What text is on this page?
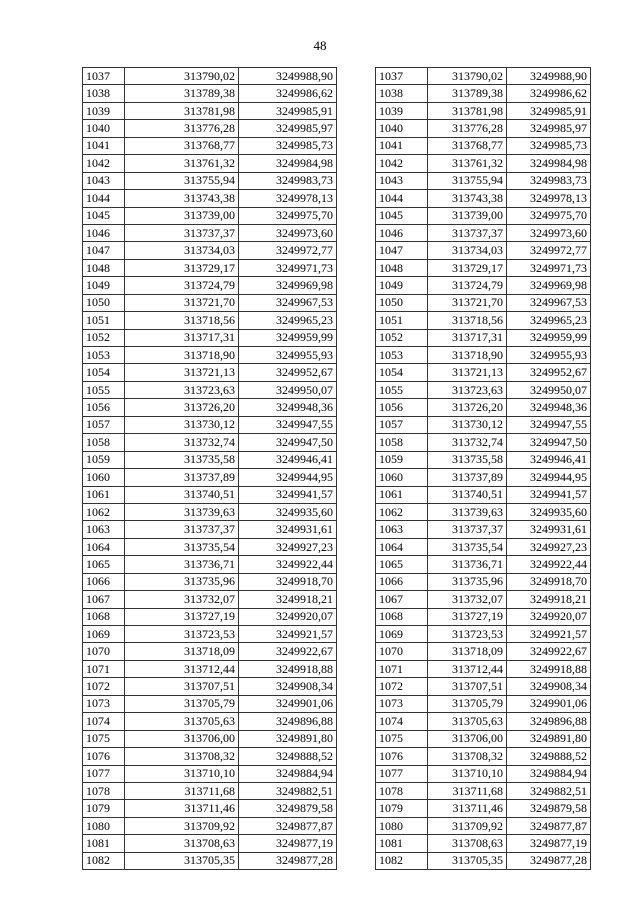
48
1037	313790,02	3249988,90
1038	313789,38	3249986,62
1039	313781,98	3249985,91
1040	313776,28	3249985,97
1041	313768,77	3249985,73
1042	313761,32	3249984,98
1043	313755,94	3249983,73
1044	313743,38	3249978,13
1045	313739,00	3249975,70
1046	313737,37	3249973,60
1047	313734,03	3249972,77
1048	313729,17	3249971,73
1049	313724,79	3249969,98
1050	313721,70	3249967,53
1051	313718,56	3249965,23
1052	313717,31	3249959,99
1053	313718,90	3249955,93
1054	313721,13	3249952,67
1055	313723,63	3249950,07
1056	313726,20	3249948,36
1057	313730,12	3249947,55
1058	313732,74	3249947,50
1059	313735,58	3249946,41
1060	313737,89	3249944,95
1061	313740,51	3249941,57
1062	313739,63	3249935,60
1063	313737,37	3249931,61
1064	313735,54	3249927,23
1065	313736,71	3249922,44
1066	313735,96	3249918,70
1067	313732,07	3249918,21
1068	313727,19	3249920,07
1069	313723,53	3249921,57
1070	313718,09	3249922,67
1071	313712,44	3249918,88
1072	313707,51	3249908,34
1073	313705,79	3249901,06
1074	313705,63	3249896,88
1075	313706,00	3249891,80
1076	313708,32	3249888,52
1077	313710,10	3249884,94
1078	313711,68	3249882,51
1079	313711,46	3249879,58
1080	313709,92	3249877,87
1081	313708,63	3249877,19
1082	313705,35	3249877,28
1037	313790,02	3249988,90
1038	313789,38	3249986,62
1039	313781,98	3249985,91
1040	313776,28	3249985,97
1041	313768,77	3249985,73
1042	313761,32	3249984,98
1043	313755,94	3249983,73
1044	313743,38	3249978,13
1045	313739,00	3249975,70
1046	313737,37	3249973,60
1047	313734,03	3249972,77
1048	313729,17	3249971,73
1049	313724,79	3249969,98
1050	313721,70	3249967,53
1051	313718,56	3249965,23
1052	313717,31	3249959,99
1053	313718,90	3249955,93
1054	313721,13	3249952,67
1055	313723,63	3249950,07
1056	313726,20	3249948,36
1057	313730,12	3249947,55
1058	313732,74	3249947,50
1059	313735,58	3249946,41
1060	313737,89	3249944,95
1061	313740,51	3249941,57
1062	313739,63	3249935,60
1063	313737,37	3249931,61
1064	313735,54	3249927,23
1065	313736,71	3249922,44
1066	313735,96	3249918,70
1067	313732,07	3249918,21
1068	313727,19	3249920,07
1069	313723,53	3249921,57
1070	313718,09	3249922,67
1071	313712,44	3249918,88
1072	313707,51	3249908,34
1073	313705,79	3249901,06
1074	313705,63	3249896,88
1075	313706,00	3249891,80
1076	313708,32	3249888,52
1077	313710,10	3249884,94
1078	313711,68	3249882,51
1079	313711,46	3249879,58
1080	313709,92	3249877,87
1081	313708,63	3249877,19
1082	313705,35	3249877,28
